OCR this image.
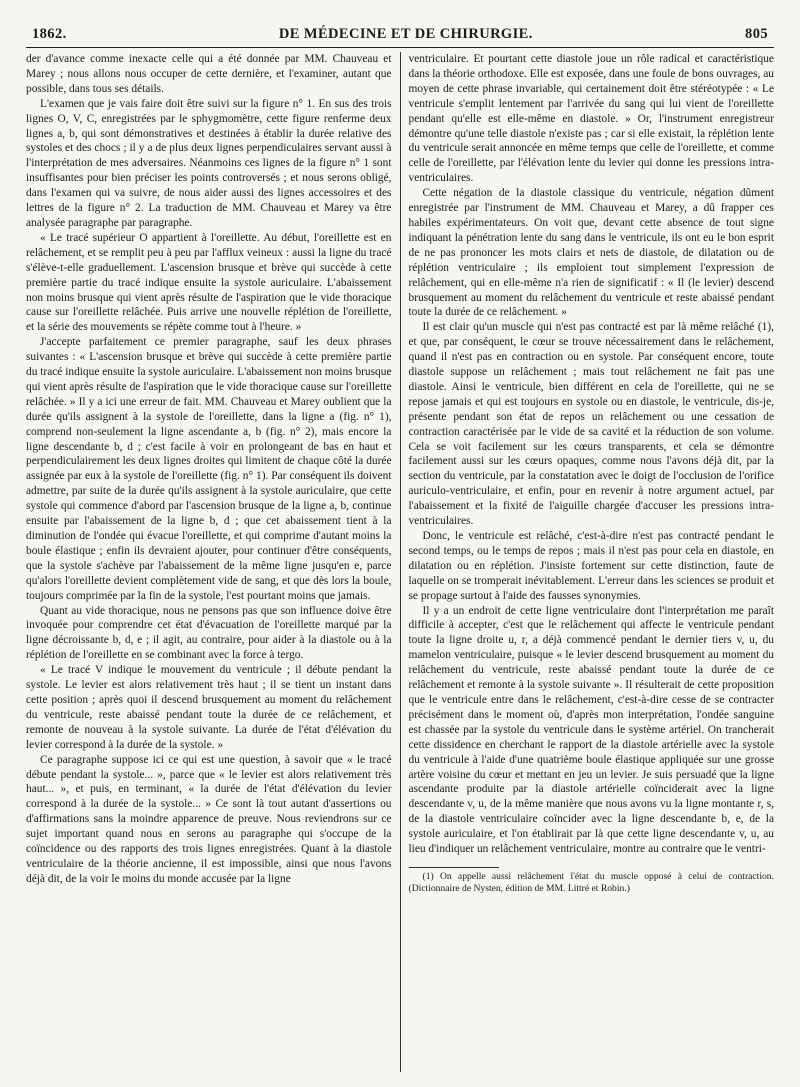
1862.	DE MÉDECINE ET DE CHIRURGIE.	805

der d'avance comme inexacte celle qui a été donnée par MM. Chauveau et Marey ; nous allons nous occuper de cette dernière, et l'examiner, autant que possible, dans tous ses détails.

L'examen que je vais faire doit être suivi sur la figure n° 1. En sus des trois lignes O, V, C, enregistrées par le sphygmomètre, cette figure renferme deux lignes a, b, qui sont démonstratives et destinées à établir la durée relative des systoles et des chocs ; il y a de plus deux lignes perpendiculaires servant aussi à l'interprétation de mes adversaires. Néanmoins ces lignes de la figure n° 1 sont insuffisantes pour bien préciser les points controversés ; et nous serons obligé, dans l'examen qui va suivre, de nous aider aussi des lignes accessoires et des lettres de la figure n° 2. La traduction de MM. Chauveau et Marey va être analysée paragraphe par paragraphe.

« Le tracé supérieur O appartient à l'oreillette. Au début, l'oreillette est en relâchement, et se remplit peu à peu par l'afflux veineux : aussi la ligne du tracé s'élève-t-elle graduellement. L'ascension brusque et brève qui succède à cette première partie du tracé indique ensuite la systole auriculaire. L'abaissement non moins brusque qui vient après résulte de l'aspiration que le vide thoracique cause sur l'oreillette relâchée. Puis arrive une nouvelle réplétion de l'oreillette, et la série des mouvements se répète comme tout à l'heure. »

J'accepte parfaitement ce premier paragraphe, sauf les deux phrases suivantes : « L'ascension brusque et brève qui succède à cette première partie du tracé indique ensuite la systole auriculaire. L'abaissement non moins brusque qui vient après résulte de l'aspiration que le vide thoracique cause sur l'oreillette relâchée. » Il y a ici une erreur de fait. MM. Chauveau et Marey oublient que la durée qu'ils assignent à la systole de l'oreillette, dans la ligne a (fig. n° 1), comprend non-seulement la ligne ascendante a, b (fig. n° 2), mais encore la ligne descendante b, d ; c'est facile à voir en prolongeant de bas en haut et perpendiculairement les deux lignes droites qui limitent de chaque côté la durée assignée par eux à la systole de l'oreillette (fig. n° 1). Par conséquent ils doivent admettre, par suite de la durée qu'ils assignent à la systole auriculaire, que cette systole qui commence d'abord par l'ascension brusque de la ligne a, b, continue ensuite par l'abaissement de la ligne b, d ; que cet abaissement tient à la diminution de l'ondée qui évacue l'oreillette, et qui comprime d'autant moins la boule élastique ; enfin ils devraient ajouter, pour continuer d'être conséquents, que la systole s'achève par l'abaissement de la même ligne jusqu'en e, parce qu'alors l'oreillette devient complètement vide de sang, et que dès lors la boule, toujours comprimée par la fin de la systole, l'est pourtant moins que jamais.

Quant au vide thoracique, nous ne pensons pas que son influence doive être invoquée pour comprendre cet état d'évacuation de l'oreillette marqué par la ligne décroissante b, d, e ; il agit, au contraire, pour aider à la diastole ou à la réplétion de l'oreillette en se combinant avec la force à tergo.

« Le tracé V indique le mouvement du ventricule ; il débute pendant la systole. Le levier est alors relativement très haut ; il se tient un instant dans cette position ; après quoi il descend brusquement au moment du relâchement du ventricule, reste abaissé pendant toute la durée de ce relâchement, et remonte de nouveau à la systole suivante. La durée de l'état d'élévation du levier correspond à la durée de la systole. »

Ce paragraphe suppose ici ce qui est une question, à savoir que « le tracé débute pendant la systole... », parce que « le levier est alors relativement très haut... », et puis, en terminant, « la durée de l'état d'élévation du levier correspond à la durée de la systole... » Ce sont là tout autant d'assertions ou d'affirmations sans la moindre apparence de preuve. Nous reviendrons sur ce sujet important quand nous en serons au paragraphe qui s'occupe de la coïncidence ou des rapports des trois lignes enregistrées. Quant à la diastole ventriculaire de la théorie ancienne, il est impossible, ainsi que nous l'avons déjà dit, de la voir le moins du monde accusée par la ligne

ventriculaire. Et pourtant cette diastole joue un rôle radical et caractéristique dans la théorie orthodoxe. Elle est exposée, dans une foule de bons ouvrages, au moyen de cette phrase invariable, qui certainement doit être stéréotypée : « Le ventricule s'emplit lentement par l'arrivée du sang qui lui vient de l'oreillette pendant qu'elle est elle-même en diastole. » Or, l'instrument enregistreur démontre qu'une telle diastole n'existe pas ; car si elle existait, la réplétion lente du ventricule serait annoncée en même temps que celle de l'oreillette, et comme celle de l'oreillette, par l'élévation lente du levier qui donne les pressions intra-ventriculaires.

Cette négation de la diastole classique du ventricule, négation dûment enregistrée par l'instrument de MM. Chauveau et Marey, a dû frapper ces habiles expérimentateurs. On voit que, devant cette absence de tout signe indiquant la pénétration lente du sang dans le ventricule, ils ont eu le bon esprit de ne pas prononcer les mots clairs et nets de diastole, de dilatation ou de réplétion ventriculaire ; ils emploient tout simplement l'expression de relâchement, qui en elle-même n'a rien de significatif : « Il (le levier) descend brusquement au moment du relâchement du ventricule et reste abaissé pendant toute la durée de ce relâchement. »

Il est clair qu'un muscle qui n'est pas contracté est par là même relâché (1), et que, par conséquent, le cœur se trouve nécessairement dans le relâchement, quand il n'est pas en contraction ou en systole. Par conséquent encore, toute diastole suppose un relâchement ; mais tout relâchement ne fait pas une diastole. Ainsi le ventricule, bien différent en cela de l'oreillette, qui ne se repose jamais et qui est toujours en systole ou en diastole, le ventricule, dis-je, présente pendant son état de repos un relâchement ou une cessation de contraction caractérisée par le vide de sa cavité et la réduction de son volume. Cela se voit facilement sur les cœurs transparents, et cela se démontre facilement aussi sur les cœurs opaques, comme nous l'avons déjà dit, par la section du ventricule, par la constatation avec le doigt de l'occlusion de l'orifice auriculo-ventriculaire, et enfin, pour en revenir à notre argument actuel, par l'abaissement et la fixité de l'aiguille chargée d'accuser les pressions intra-ventriculaires.

Donc, le ventricule est relâché, c'est-à-dire n'est pas contracté pendant le second temps, ou le temps de repos ; mais il n'est pas pour cela en diastole, en dilatation ou en réplétion. J'insiste fortement sur cette distinction, faute de laquelle on se tromperait inévitablement. L'erreur dans les sciences se produit et se propage surtout à l'aide des fausses synonymies.

Il y a un endroit de cette ligne ventriculaire dont l'interprétation me paraît difficile à accepter, c'est que le relâchement qui affecte le ventricule pendant toute la ligne droite u, r, a déjà commencé pendant le dernier tiers v, u, du mamelon ventriculaire, puisque « le levier descend brusquement au moment du relâchement du ventricule, reste abaissé pendant toute la durée de ce relâchement et remonte à la systole suivante ». Il résulterait de cette proposition que le ventricule entre dans le relâchement, c'est-à-dire cesse de se contracter précisément dans le moment où, d'après mon interprétation, l'ondée sanguine est chassée par la systole du ventricule dans le système artériel. On trancherait cette dissidence en cherchant le rapport de la diastole artérielle avec la systole du ventricule à l'aide d'une quatrième boule élastique appliquée sur une grosse artère voisine du cœur et mettant en jeu un levier. Je suis persuadé que la ligne ascendante produite par la diastole artérielle coïnciderait avec la ligne descendante v, u, de la même manière que nous avons vu la ligne montante r, s, de la diastole ventriculaire coïncider avec la ligne descendante b, e, de la systole auriculaire, et l'on établirait par là que cette ligne descendante v, u, au lieu d'indiquer un relâchement ventriculaire, montre au contraire que le ventri-

(1) On appelle aussi relâchement l'état du muscle opposé à celui de contraction. (Dictionnaire de Nysten, édition de MM. Littré et Robin.)
